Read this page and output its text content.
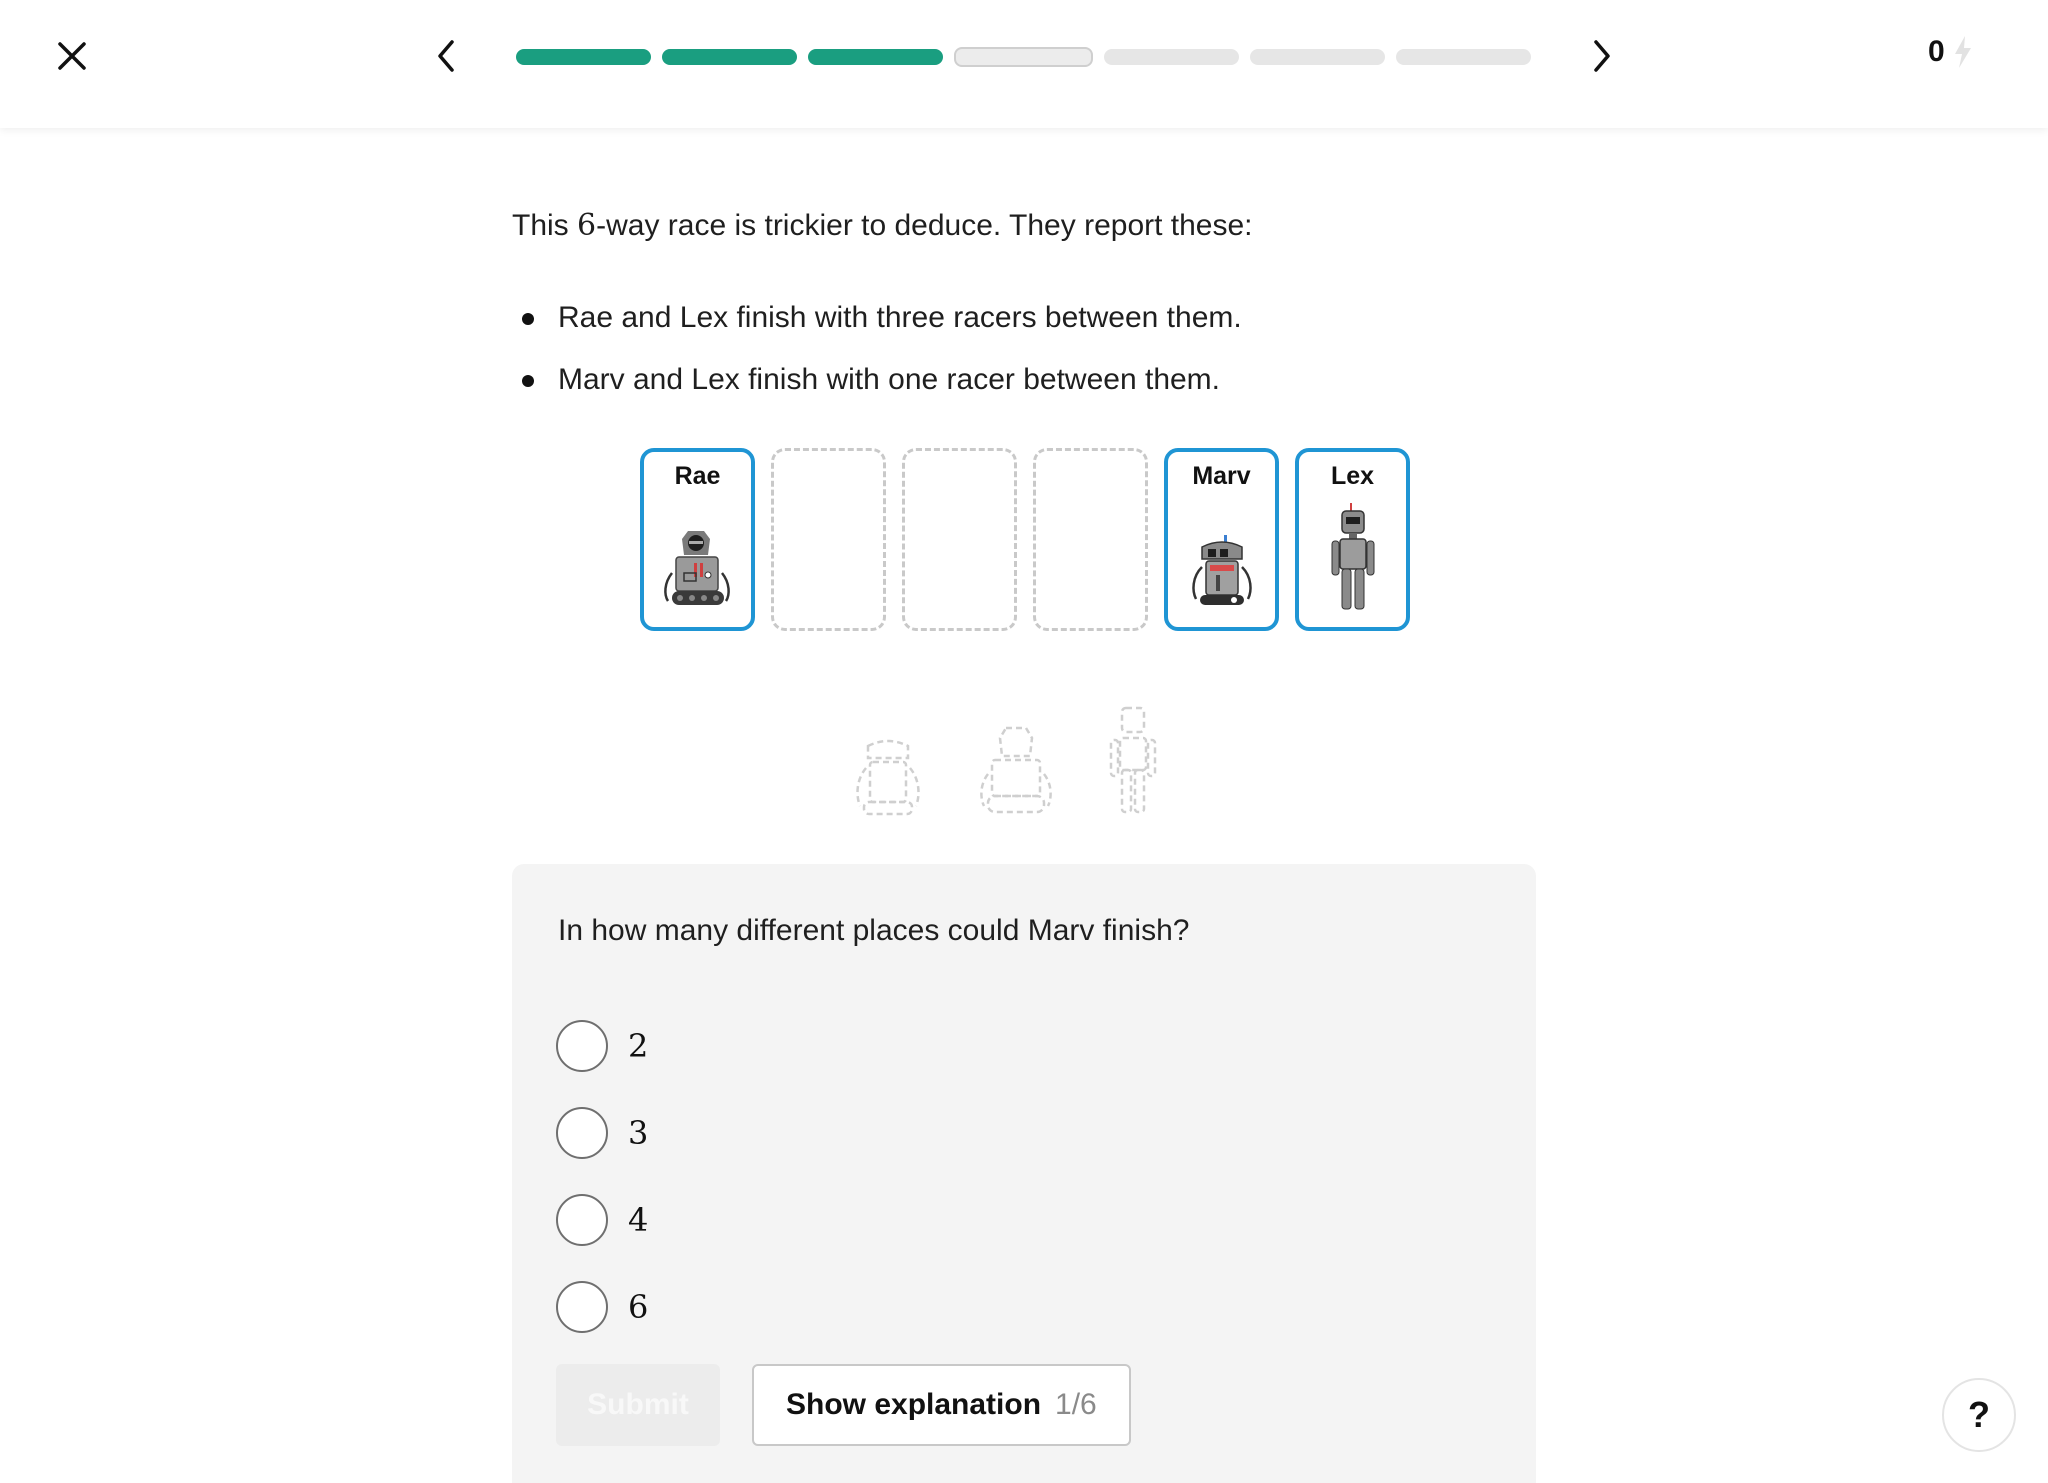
0

This 6-way race is trickier to deduce. They report these:

Rae and Lex finish with three racers between them.
Marv and Lex finish with one racer between them.
Rae	Marv	Lex

In how many different places could Marv finish?

2
3
4
6
Submit	Show explanation 1/6	?
